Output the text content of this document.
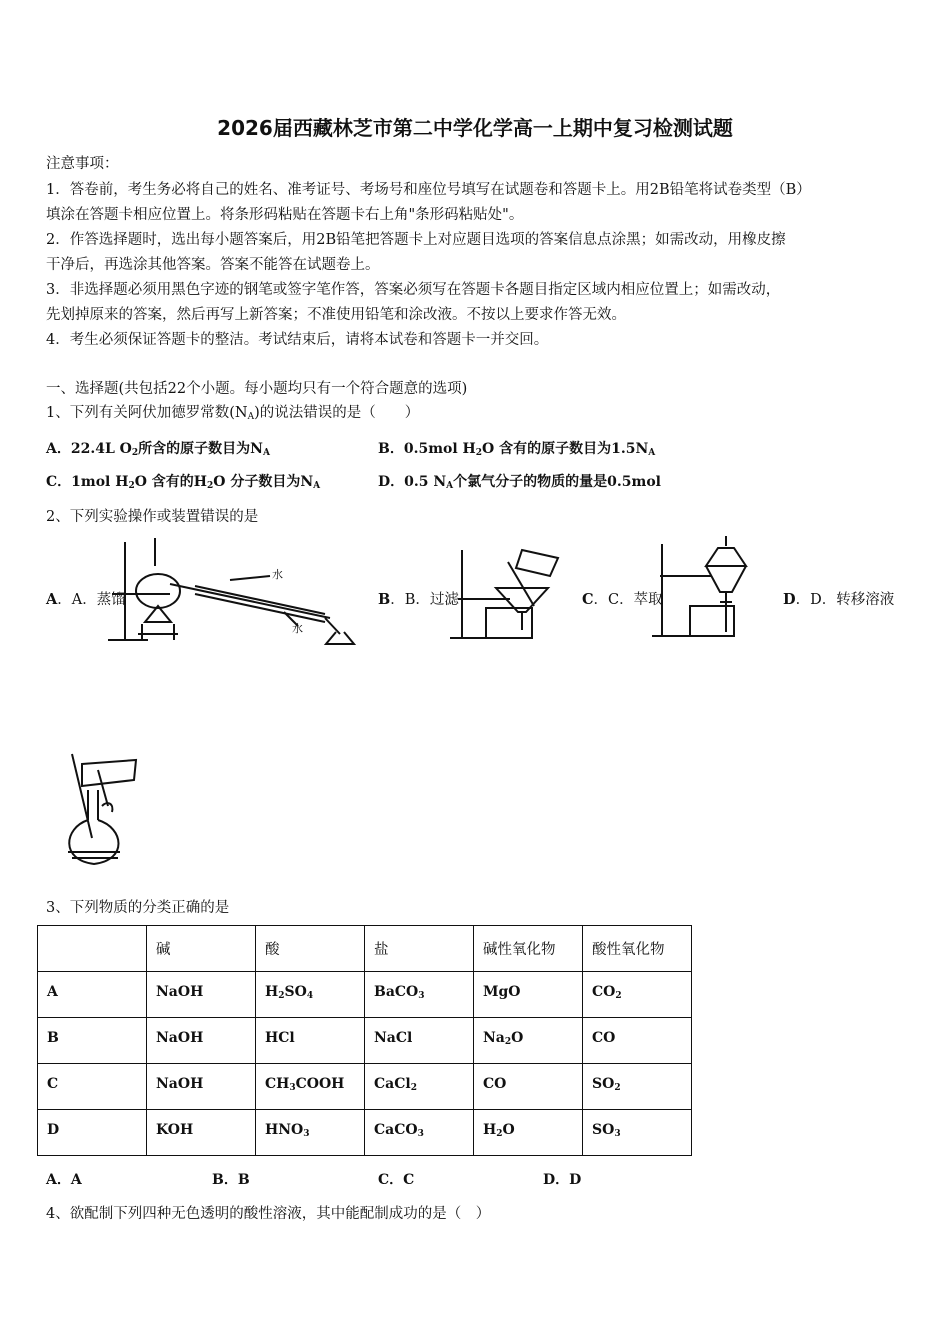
2026届西藏林芝市第二中学化学高一上期中复习检测试题
注意事项：
1．答卷前，考生务必将自己的姓名、准考证号、考场号和座位号填写在试题卷和答题卡上。用2B铅笔将试卷类型（B）
填涂在答题卡相应位置上。将条形码粘贴在答题卡右上角"条形码粘贴处"。
2．作答选择题时，选出每小题答案后，用2B铅笔把答题卡上对应题目选项的答案信息点涂黑；如需改动，用橡皮擦
干净后，再选涂其他答案。答案不能答在试题卷上。
3．非选择题必须用黑色字迹的钢笔或签字笔作答，答案必须写在答题卡各题目指定区域内相应位置上；如需改动，
先划掉原来的答案，然后再写上新答案；不准使用铅笔和涂改液。不按以上要求作答无效。
4．考生必须保证答题卡的整洁。考试结束后，请将本试卷和答题卡一并交回。
一、选择题(共包括22个小题。每小题均只有一个符合题意的选项)
1、下列有关阿伏加德罗常数$(N_A)$的说法错误的是（　　）
A．22.4L $O_2$所含的原子数目为$N_A$	B．0.5mol $H_2O$ 含有的原子数目为$1.5N_A$
C．1mol $H_2O$ 含有的$H_2O$ 分子数目为$N_A$	D．0.5 $N_A$个氯气分子的物质的量是0.5mol
2、下列实验操作或装置错误的是
A．A．蒸馏
水
水
B．B．过滤	C．C．萃取	D．D．转移溶液
3、下列物质的分类正确的是
	碱	酸	盐	碱性氧化物	酸性氧化物
A	NaOH	$H_2SO_4$	BaCO$_3$	MgO	$CO_2$
B	NaOH	HCl	NaCl	$Na_2O$	CO
C	NaOH	$CH_3COOH$	CaCl$_2$	CO	$SO_2$
D	KOH	$HNO_3$	CaCO$_3$	$H_2O$	$SO_3$
A．A	B．B	C．C	D．D
4、欲配制下列四种无色透明的酸性溶液，其中能配制成功的是（　）
